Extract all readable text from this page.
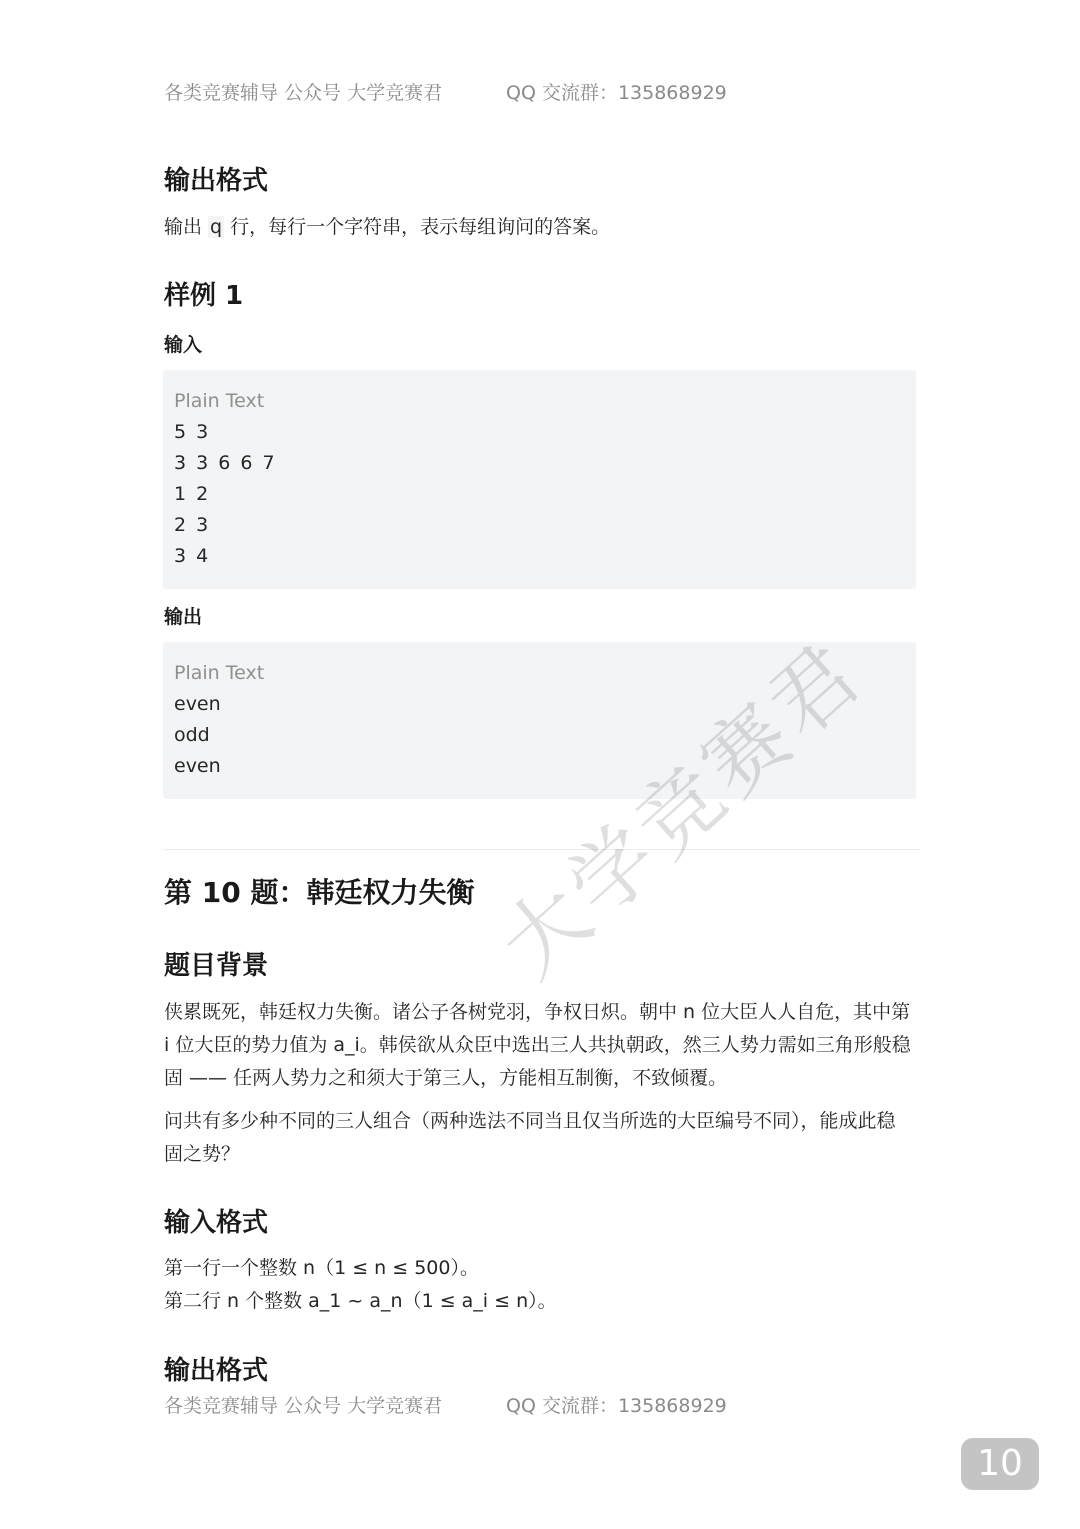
各类竞赛辅导 公众号 大学竞赛君	QQ 交流群：135868929
输出格式
输出 q 行，每行一个字符串，表示每组询问的答案。
样例 1
输入
Plain Text
5 3
3 3 6 6 7
1 2
2 3
3 4
输出
Plain Text
even
odd
even
第 10 题：韩廷权力失衡
题目背景
侠累既死，韩廷权力失衡。诸公子各树党羽，争权日炽。朝中 n 位大臣人人自危，其中第 i 位大臣的势力值为 a_i。韩侯欲从众臣中选出三人共执朝政，然三人势力需如三角形般稳固 —— 任两人势力之和须大于第三人，方能相互制衡，不致倾覆。
问共有多少种不同的三人组合（两种选法不同当且仅当所选的大臣编号不同），能成此稳固之势？
输入格式
第一行一个整数 n（1 ≤ n ≤ 500）。
第二行 n 个整数 a_1 ~ a_n（1 ≤ a_i ≤ n）。
输出格式
各类竞赛辅导 公众号 大学竞赛君	QQ 交流群：135868929
大学竞赛君
10
